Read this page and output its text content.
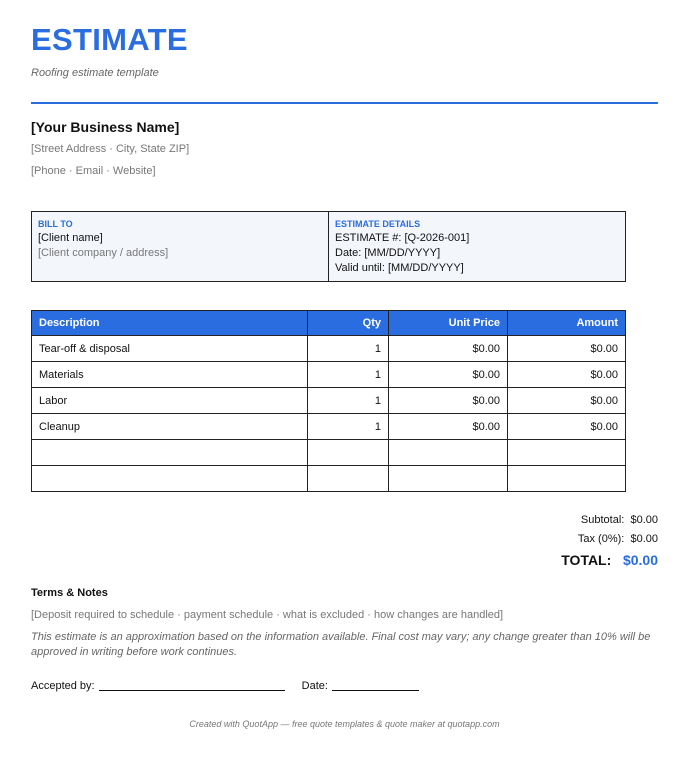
ESTIMATE
Roofing estimate template
[Your Business Name]
[Street Address · City, State ZIP]
[Phone · Email · Website]
BILL TO
[Client name]
[Client company / address]
ESTIMATE DETAILS
ESTIMATE #: [Q-2026-001]
Date: [MM/DD/YYYY]
Valid until: [MM/DD/YYYY]
Description	Qty	Unit Price	Amount
Tear-off & disposal	1	$0.00	$0.00
Materials	1	$0.00	$0.00
Labor	1	$0.00	$0.00
Cleanup	1	$0.00	$0.00

Subtotal: $0.00
Tax (0%): $0.00
TOTAL: $0.00
Terms & Notes
[Deposit required to schedule · payment schedule · what is excluded · how changes are handled]
This estimate is an approximation based on the information available. Final cost may vary; any change greater than 10% will be approved in writing before work continues.
Accepted by:	Date:
Created with QuotApp — free quote templates & quote maker at quotapp.com
